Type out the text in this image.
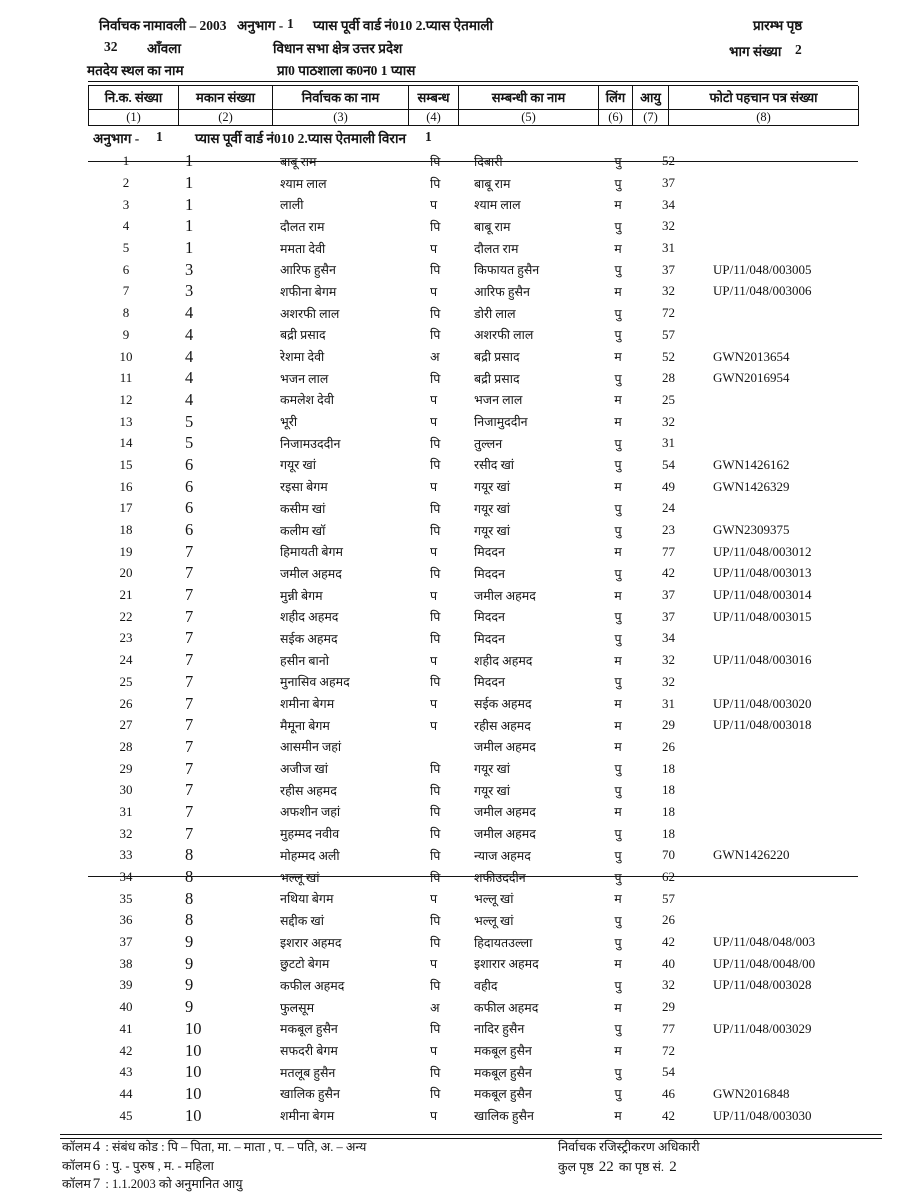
निर्वाचक नामावली – 2003 अनुभाग - 1 प्यास पूर्वी वार्ड नं010 2.प्यास ऐतमाली	प्रारम्भ पृष्ठ
32 आँवला	विधान सभा क्षेत्र उत्तर प्रदेश	भाग संख्या 2
मतदेय स्थल का नाम	प्रा0 पाठशाला क0न0 1 प्यास
नि.क. संख्या	मकान संख्या	निर्वाचक का नाम	सम्बन्ध	सम्बन्धी का नाम	लिंग	आयु	फोटो पहचान पत्र संख्या
(1)	(2)	(3)	(4)	(5)	(6)	(7)	(8)
अनुभाग - 1 प्यास पूर्वी वार्ड नं010 2.प्यास ऐतमाली विरान 1
1	1	बाबू राम	पि	दिबारी	पु	52	
2	1	श्याम लाल	पि	बाबू राम	पु	37	
3	1	लाली	प	श्याम लाल	म	34	
4	1	दौलत राम	पि	बाबू राम	पु	32	
5	1	ममता देवी	प	दौलत राम	म	31	
6	3	आरिफ हुसैन	पि	किफायत हुसैन	पु	37	UP/11/048/003005
7	3	शफीना बेगम	प	आरिफ हुसैन	म	32	UP/11/048/003006
8	4	अशरफी लाल	पि	डोरी लाल	पु	72	
9	4	बद्री प्रसाद	पि	अशरफी लाल	पु	57	
10	4	रेशमा देवी	अ	बद्री प्रसाद	म	52	GWN2013654
11	4	भजन लाल	पि	बद्री प्रसाद	पु	28	GWN2016954
12	4	कमलेश देवी	प	भजन लाल	म	25	
13	5	भूरी	प	निजामुददीन	म	32	
14	5	निजामउददीन	पि	तुल्लन	पु	31	
15	6	गयूर खां	पि	रसीद खां	पु	54	GWN1426162
16	6	रइसा बेगम	प	गयूर खां	म	49	GWN1426329
17	6	कसीम खां	पि	गयूर खां	पु	24	
18	6	कलीम खॉ	पि	गयूर खां	पु	23	GWN2309375
19	7	हिमायती बेगम	प	मिददन	म	77	UP/11/048/003012
20	7	जमील अहमद	पि	मिददन	पु	42	UP/11/048/003013
21	7	मुन्नी बेगम	प	जमील अहमद	म	37	UP/11/048/003014
22	7	शहीद अहमद	पि	मिददन	पु	37	UP/11/048/003015
23	7	सईक अहमद	पि	मिददन	पु	34	
24	7	हसीन बानो	प	शहीद अहमद	म	32	UP/11/048/003016
25	7	मुनासिव अहमद	पि	मिददन	पु	32	
26	7	शमीना बेगम	प	सईक अहमद	म	31	UP/11/048/003020
27	7	मैमूना बेगम	प	रहीस अहमद	म	29	UP/11/048/003018
28	7	आसमीन जहां		जमील अहमद	म	26	
29	7	अजीज खां	पि	गयूर खां	पु	18	
30	7	रहीस अहमद	पि	गयूर खां	पु	18	
31	7	अफशीन जहां	पि	जमील अहमद	म	18	
32	7	मुहम्मद नवीव	पि	जमील अहमद	पु	18	
33	8	मोहम्मद अली	पि	न्याज अहमद	पु	70	GWN1426220
34	8	भल्लू खां	पि	शफीउददीन	पु	62	
35	8	नथिया बेगम	प	भल्लू खां	म	57	
36	8	सद्दीक खां	पि	भल्लू खां	पु	26	
37	9	इशरार अहमद	पि	हिदायतउल्ला	पु	42	UP/11/048/048/003
38	9	छुटटो बेगम	प	इशारार अहमद	म	40	UP/11/048/0048/00
39	9	कफील अहमद	पि	वहीद	पु	32	UP/11/048/003028
40	9	फुलसूम	अ	कफील अहमद	म	29	
41	10	मकबूल हुसैन	पि	नादिर हुसैन	पु	77	UP/11/048/003029
42	10	सफदरी बेगम	प	मकबूल हुसैन	म	72	
43	10	मतलूब हुसैन	पि	मकबूल हुसैन	पु	54	
44	10	खालिक हुसैन	पि	मकबूल हुसैन	पु	46	GWN2016848
45	10	शमीना बेगम	प	खालिक हुसैन	म	42	UP/11/048/003030
कॉलम 4 : संबंध कोड : पि – पिता, मा. – माता , प. – पति, अ. – अन्य
कॉलम 6 : पु. - पुरुष , म. - महिला
कॉलम 7 : 1.1.2003 को अनुमानित आयु
निर्वाचक रजिस्ट्रीकरण अधिकारी
कुल पृष्ठ 22 का पृष्ठ सं. 2
